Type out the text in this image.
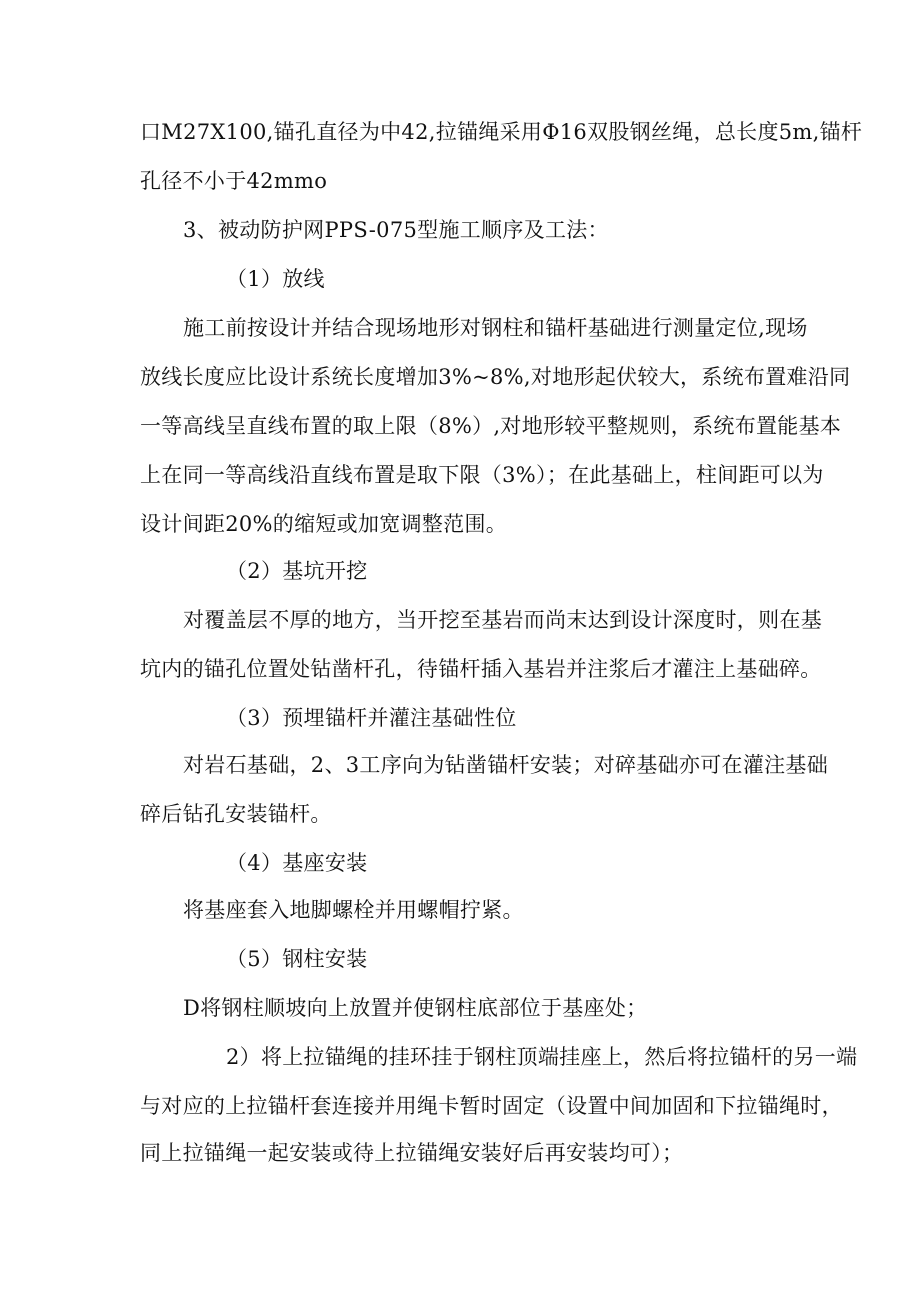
口M27X100,锚孔直径为中42,拉锚绳采用Φ16双股钢丝绳，总长度5m,锚杆
孔径不小于42mmo
3、被动防护网PPS-075型施工顺序及工法：
（1）放线
施工前按设计并结合现场地形对钢柱和锚杆基础进行测量定位,现场
放线长度应比设计系统长度增加3%~8%,对地形起伏较大，系统布置难沿同
一等高线呈直线布置的取上限（8%）,对地形较平整规则，系统布置能基本
上在同一等高线沿直线布置是取下限（3%）；在此基础上，柱间距可以为
设计间距20%的缩短或加宽调整范围。
（2）基坑开挖
对覆盖层不厚的地方，当开挖至基岩而尚末达到设计深度时，则在基
坑内的锚孔位置处钻凿杆孔，待锚杆插入基岩并注浆后才灌注上基础碎。
（3）预埋锚杆并灌注基础性位
对岩石基础，2、3工序向为钻凿锚杆安装；对碎基础亦可在灌注基础
碎后钻孔安装锚杆。
（4）基座安装
将基座套入地脚螺栓并用螺帽拧紧。
（5）钢柱安装
D将钢柱顺坡向上放置并使钢柱底部位于基座处；
2）将上拉锚绳的挂环挂于钢柱顶端挂座上，然后将拉锚杆的另一端
与对应的上拉锚杆套连接并用绳卡暂时固定（设置中间加固和下拉锚绳时，
同上拉锚绳一起安装或待上拉锚绳安装好后再安装均可）；
